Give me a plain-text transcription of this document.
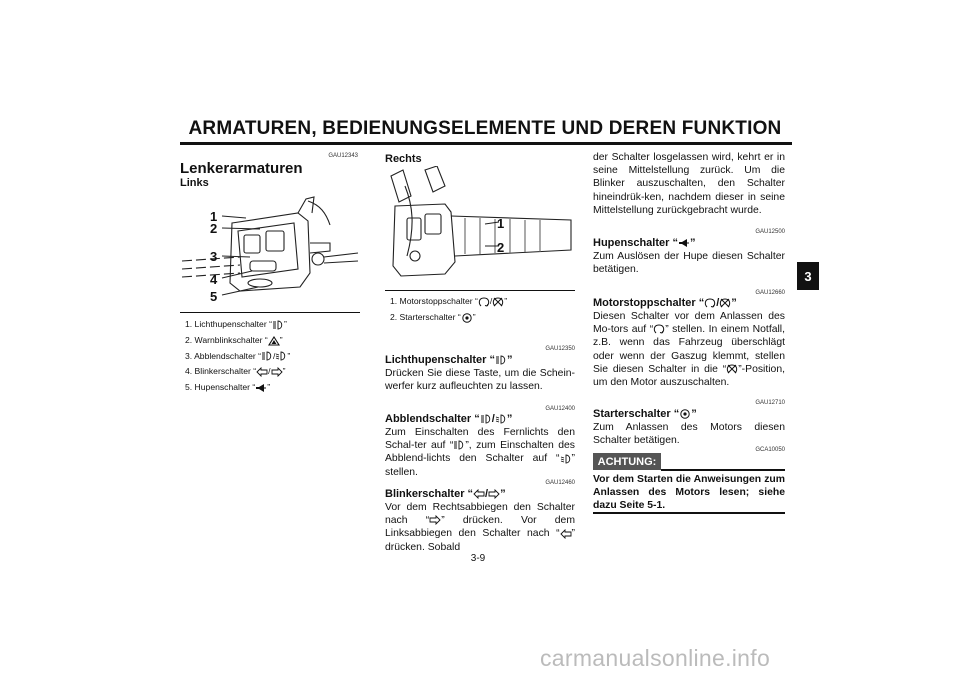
ARMATUREN, BEDIENUNGSELEMENTE UND DEREN FUNKTION
3
GAU12343
Lenkerarmaturen
Links
1
2
3
4
5
1. Lichthupenschalter “ ”
2. Warnblinkschalter “ ”
3. Abblendschalter “ / ”
4. Blinkerschalter “ / ”
5. Hupenschalter “ ”
Rechts
1
2
1. Motorstoppschalter “ / ”
2. Starterschalter “ ”
GAU12350
Lichthupenschalter “ ”
Drücken Sie diese Taste, um die Schein-werfer kurz aufleuchten zu lassen.
GAU12400
Abblendschalter “ / ”
Zum Einschalten des Fernlichts den Schal-ter auf “ ”, zum Einschalten des Abblend-lichts den Schalter auf “ ” stellen.
GAU12460
Blinkerschalter “ / ”
Vor dem Rechtsabbiegen den Schalter nach “ ” drücken. Vor dem Linksabbiegen den Schalter nach “ ” drücken. Sobald
der Schalter losgelassen wird, kehrt er in seine Mittelstellung zurück. Um die Blinker auszuschalten, den Schalter hineindrük-ken, nachdem dieser in seine Mittelstellung zurückgebracht wurde.
GAU12500
Hupenschalter “ ”
Zum Auslösen der Hupe diesen Schalter betätigen.
GAU12660
Motorstoppschalter “ / ”
Diesen Schalter vor dem Anlassen des Mo-tors auf “ ” stellen. In einem Notfall, z.B. wenn das Fahrzeug überschlägt oder wenn der Gaszug klemmt, stellen Sie diesen Schalter in die “ ”-Position, um den Motor auszuschalten.
GAU12710
Starterschalter “ ”
Zum Anlassen des Motors diesen Schalter betätigen.
GCA10050
ACHTUNG:
Vor dem Starten die Anweisungen zum Anlassen des Motors lesen; siehe dazu Seite 5-1.
3-9
carmanualsonline.info
